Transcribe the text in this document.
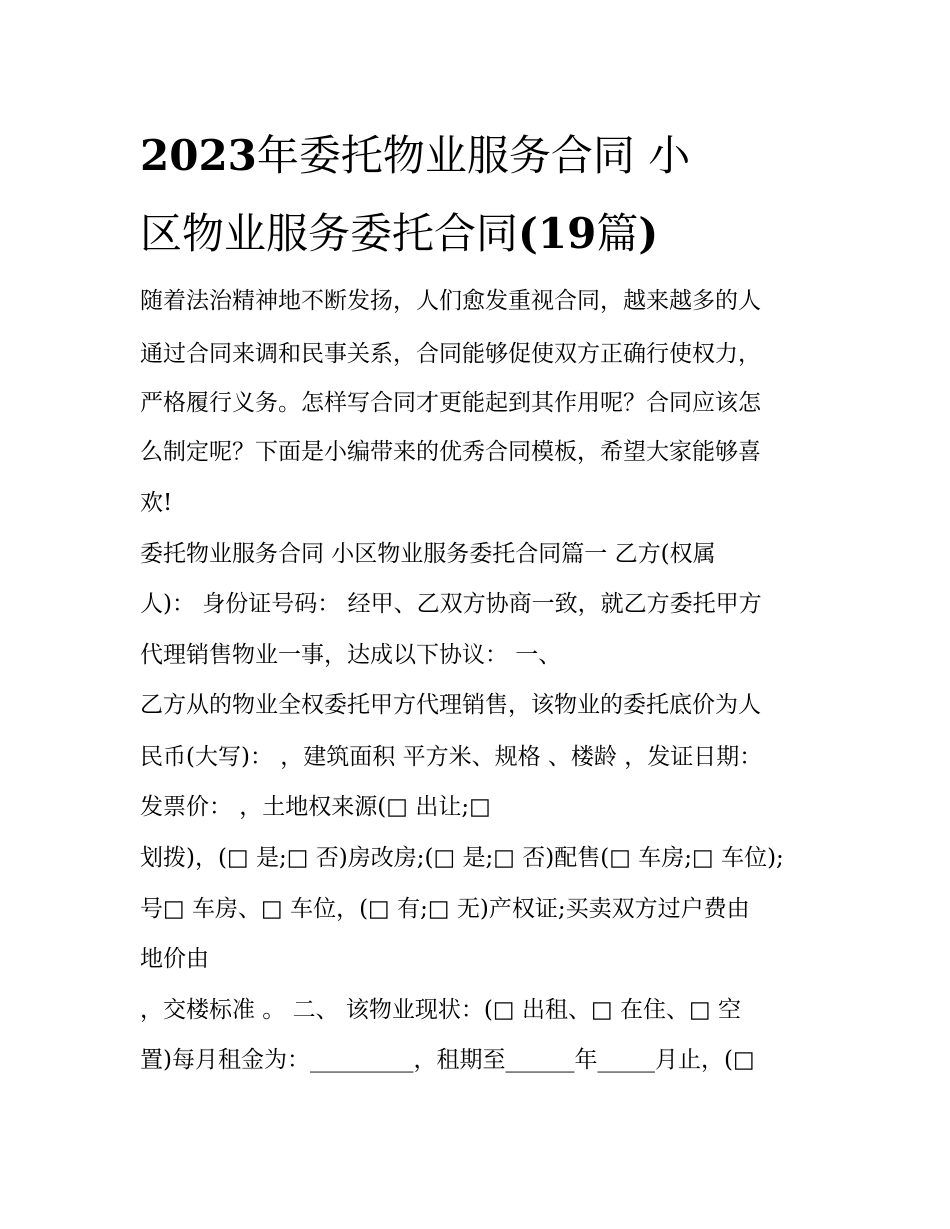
2023年委托物业服务合同 小
区物业服务委托合同(19篇)
随着法治精神地不断发扬，人们愈发重视合同，越来越多的人
通过合同来调和民事关系，合同能够促使双方正确行使权力，
严格履行义务。怎样写合同才更能起到其作用呢？合同应该怎
么制定呢？下面是小编带来的优秀合同模板，希望大家能够喜
欢!
委托物业服务合同 小区物业服务委托合同篇一 乙方(权属
人)： 身份证号码： 经甲、乙双方协商一致，就乙方委托甲方
代理销售物业一事，达成以下协议： 一、
乙方从的物业全权委托甲方代理销售，该物业的委托底价为人
民币(大写)： ，建筑面积 平方米、规格 、楼龄 ，发证日期：
发票价： ，土地权来源(□ 出让;□
划拨)，(□ 是;□ 否)房改房;(□ 是;□ 否)配售(□ 车房;□ 车位);
号□ 车房、□ 车位，(□ 有;□ 无)产权证;买卖双方过户费由
地价由
，交楼标准 。 二、 该物业现状：(□ 出租、□ 在住、□ 空
置)每月租金为：_________，租期至______年_____月止，(□
